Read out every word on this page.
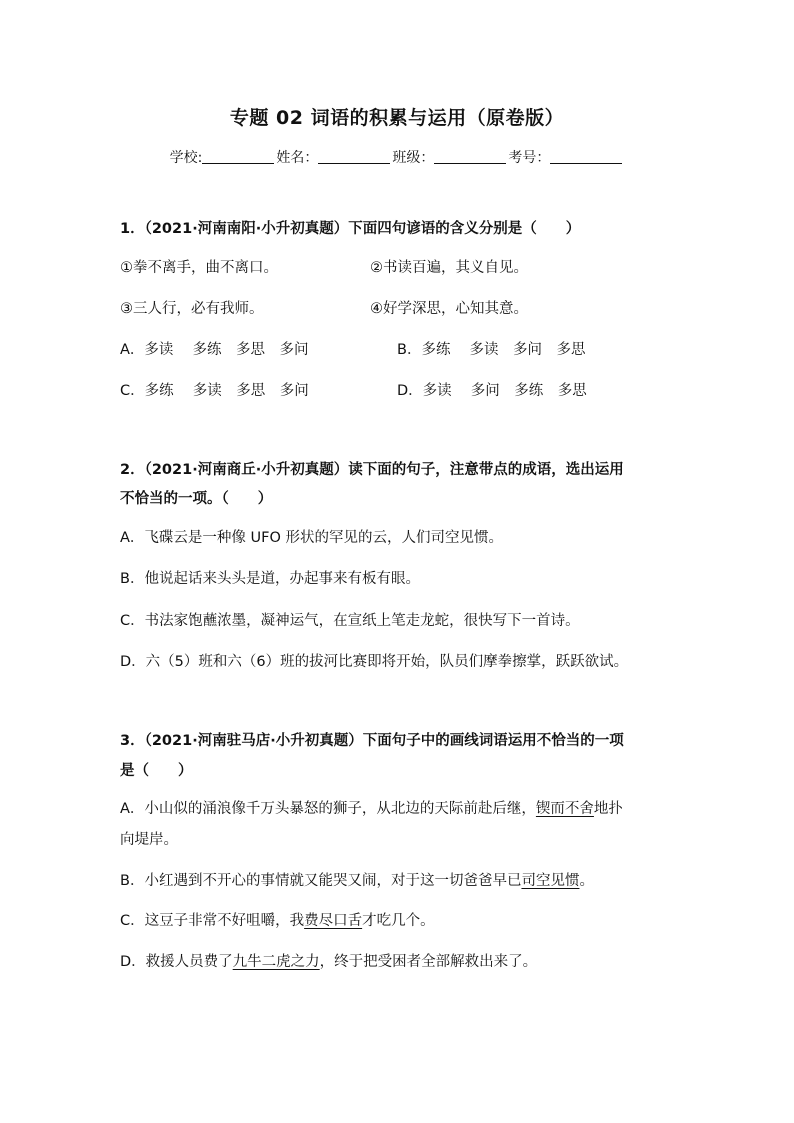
专题 02 词语的积累与运用（原卷版）
学校:	姓名：	班级：	考号：
1．（2021·河南南阳·小升初真题）下面四句谚语的含义分别是（　　）
①拳不离手，曲不离口。	②书读百遍，其义自见。
③三人行，必有我师。	④好学深思，心知其意。
A．多读　 多练　多思　多问	B．多练　 多读　多问　多思
C．多练　 多读　多思　多问	D．多读　 多问　多练　多思
2．（2021·河南商丘·小升初真题）读下面的句子，注意带点的成语，选出运用
不恰当的一项。（　　）
A．飞碟云是一种像 UFO 形状的罕见的云，人们司空见惯。
B．他说起话来头头是道，办起事来有板有眼。
C．书法家饱蘸浓墨，凝神运气，在宣纸上笔走龙蛇，很快写下一首诗。
D．六（5）班和六（6）班的拔河比赛即将开始，队员们摩拳擦掌，跃跃欲试。
3．（2021·河南驻马店·小升初真题）下面句子中的画线词语运用不恰当的一项
是（　　）
A．小山似的涌浪像千万头暴怒的狮子，从北边的天际前赴后继，锲而不舍地扑
向堤岸。
B．小红遇到不开心的事情就又能哭又闹，对于这一切爸爸早已司空见惯。
C．这豆子非常不好咀嚼，我费尽口舌才吃几个。
D．救援人员费了九牛二虎之力，终于把受困者全部解救出来了。
